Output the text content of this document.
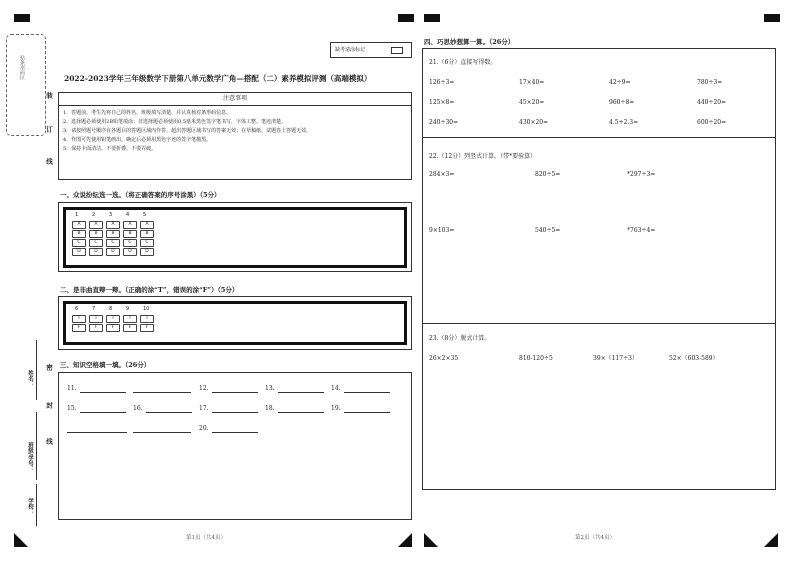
贴条形码区
装
订
线
密
封
线
姓名：
班级/学号：
学校：
缺考请涂标记
2022-2023学年三年级数学下册第八单元数学广角—搭配（二）素养模拟评测（高端模拟）
注意事项
1．答题前，考生先将自己的姓名、班级填写清楚，并认真核对条形码信息。
2．选择题必须使用2B铅笔填涂；非选择题必须使用0.5毫米黑色签字笔书写，字体工整、笔迹清楚。
3．请按照题号顺序在各题目的答题区域内作答，超出答题区域书写的答案无效；在草稿纸、试题卷上答题无效。
4．作图可先使用铅笔画出，确定后必须用黑色字迹的签字笔描黑。
5．保持卡面清洁，不要折叠，不要弄破。
一、众说纷纭选一选。（将正确答案的序号涂黑）（5分）
1
A
B
C
D
2
A
B
C
D
3
A
B
C
D
4
A
B
C
D
5
A
B
C
D
二、是非曲直辩一辩。（正确的涂“T”，错误的涂“F”）（5分）
6
T
F
7
T
F
8
T
F
9
T
F
10
T
F
三、知识空格填一填。（26分）
11.	12.	13.	14.
15.	16.	17.	18.	19.
20.
第1页（共4页）
四、巧思妙想算一算。（26分）
21.（6分）直接写得数。
126÷3=	17×40=	42÷9=	780÷3=
125×8=	45×20=	960÷8=	440÷20=
240÷30=	430×20=	4.5+2.3=	600÷20=
22.（12分）列竖式计算。（带*要验算）
284×3=	820÷5=	*297÷3=
9×103=	540÷5=	*763÷4=
23.（8分）脱式计算。
26×2×35	810-120÷5	39×（117÷3）	52×（603-589）
第2页（共4页）
